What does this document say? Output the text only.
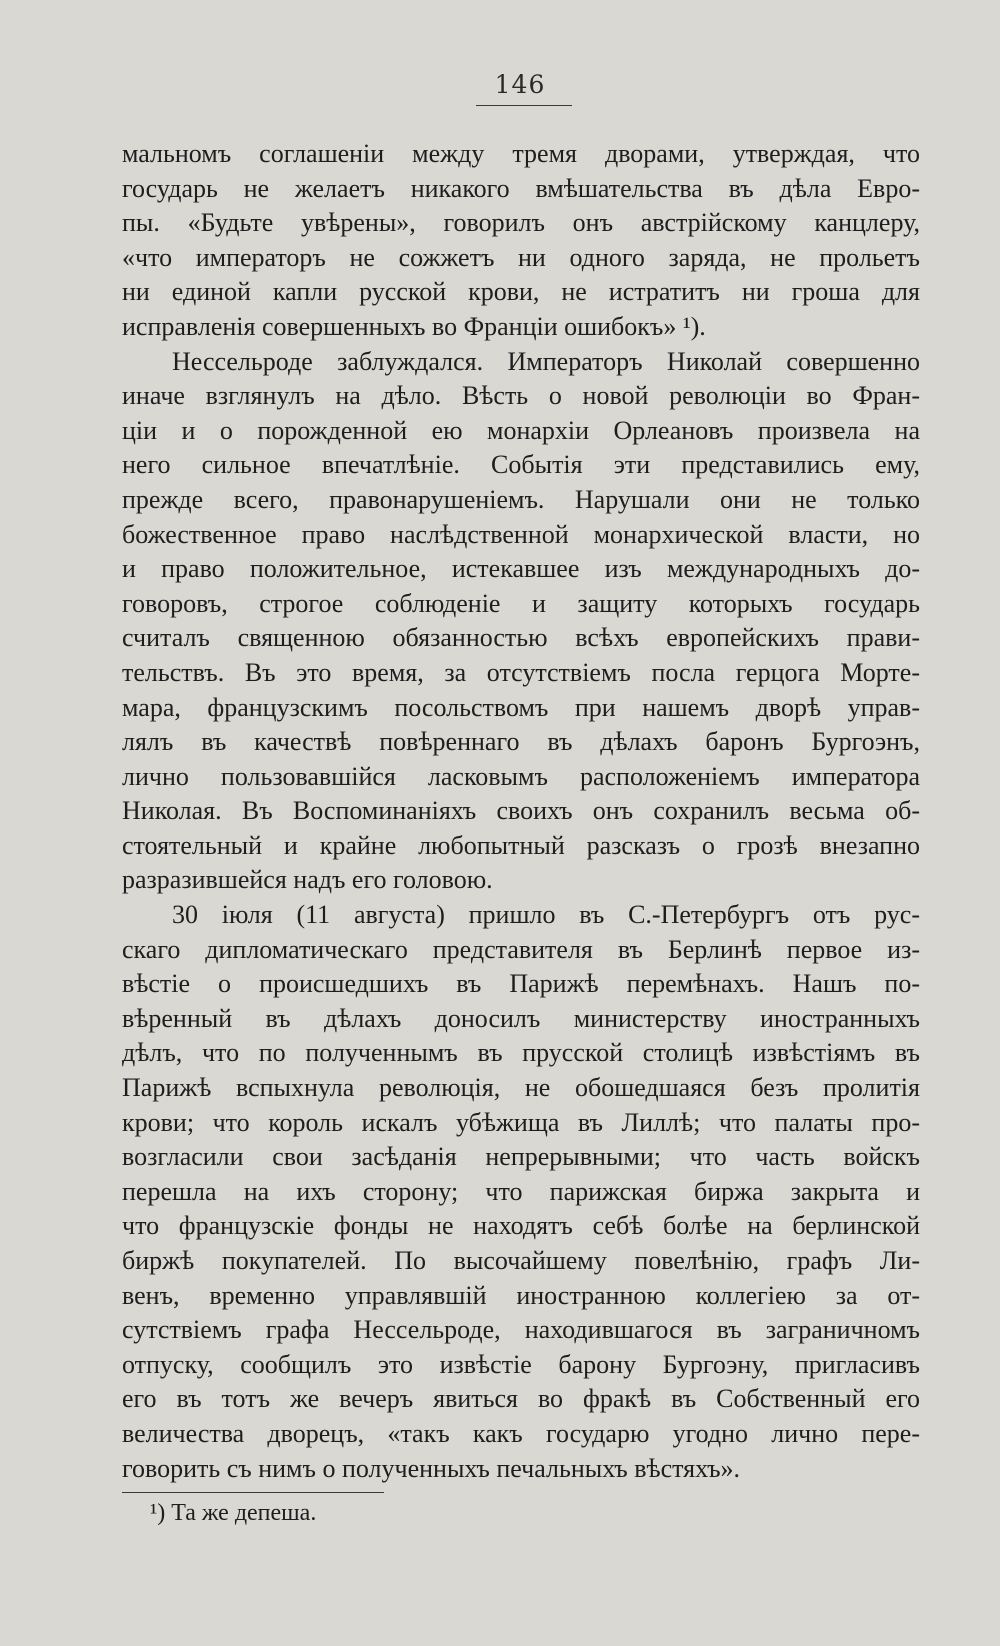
146
мальномъ соглашеніи между тремя дворами, утверждая, что
государь не желаетъ никакого вмѣшательства въ дѣла Евро-
пы. «Будьте увѣрены», говорилъ онъ австрійскому канцлеру,
«что императоръ не сожжетъ ни одного заряда, не прольетъ
ни единой капли русской крови, не истратитъ ни гроша для
исправленія совершенныхъ во Франціи ошибокъ» ¹).
Нессельроде заблуждался. Императоръ Николай совершенно
иначе взглянулъ на дѣло. Вѣсть о новой революціи во Фран-
ціи и о порожденной ею монархіи Орлеановъ произвела на
него сильное впечатлѣніе. Событія эти представились ему,
прежде всего, правонарушеніемъ. Нарушали они не только
божественное право наслѣдственной монархической власти, но
и право положительное, истекавшее изъ международныхъ до-
говоровъ, строгое соблюденіе и защиту которыхъ государь
считалъ священною обязанностью всѣхъ европейскихъ прави-
тельствъ. Въ это время, за отсутствіемъ посла герцога Морте-
мара, французскимъ посольствомъ при нашемъ дворѣ управ-
лялъ въ качествѣ повѣреннаго въ дѣлахъ баронъ Бургоэнъ,
лично пользовавшійся ласковымъ расположеніемъ императора
Николая. Въ Воспоминаніяхъ своихъ онъ сохранилъ весьма об-
стоятельный и крайне любопытный разсказъ о грозѣ внезапно
разразившейся надъ его головою.
30 іюля (11 августа) пришло въ С.-Петербургъ отъ рус-
скаго дипломатическаго представителя въ Берлинѣ первое из-
вѣстіе о происшедшихъ въ Парижѣ перемѣнахъ. Нашъ по-
вѣренный въ дѣлахъ доносилъ министерству иностранныхъ
дѣлъ, что по полученнымъ въ прусской столицѣ извѣстіямъ въ
Парижѣ вспыхнула революція, не обошедшаяся безъ пролитія
крови; что король искалъ убѣжища въ Лиллѣ; что палаты про-
возгласили свои засѣданія непрерывными; что часть войскъ
перешла на ихъ сторону; что парижская биржа закрыта и
что французскіе фонды не находятъ себѣ болѣе на берлинской
биржѣ покупателей. По высочайшему повелѣнію, графъ Ли-
венъ, временно управлявшій иностранною коллегіею за от-
сутствіемъ графа Нессельроде, находившагося въ заграничномъ
отпуску, сообщилъ это извѣстіе барону Бургоэну, пригласивъ
его въ тотъ же вечеръ явиться во фракѣ въ Собственный его
величества дворецъ, «такъ какъ государю угодно лично пере-
говорить съ нимъ о полученныхъ печальныхъ вѣстяхъ».
¹) Та же депеша.
